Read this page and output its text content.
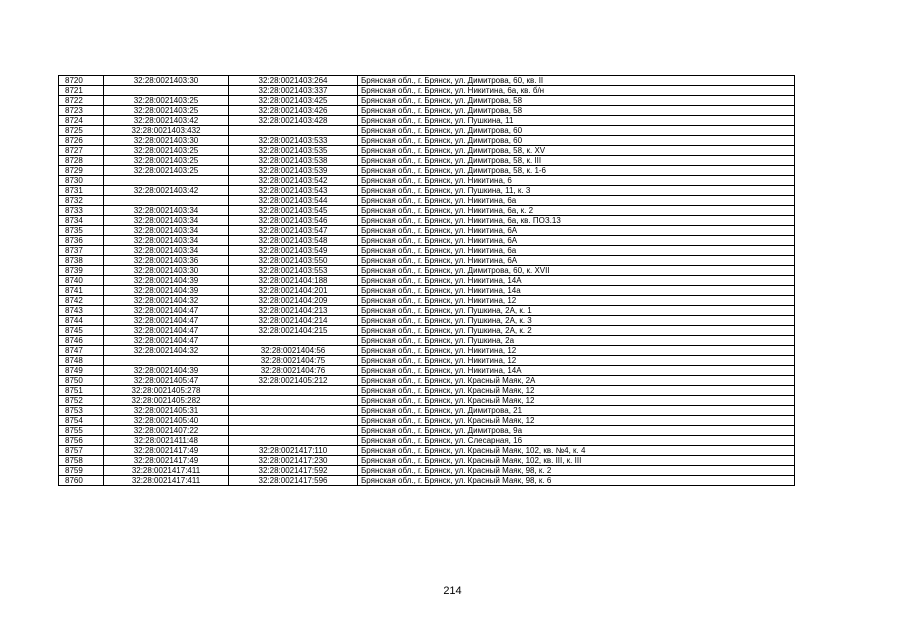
8720	32:28:0021403:30	32:28:0021403:264	Брянская обл., г. Брянск, ул. Димитрова, 60, кв. II
8721		32:28:0021403:337	Брянская обл., г. Брянск, ул. Никитина, 6а, кв. б/н
8722	32:28:0021403:25	32:28:0021403:425	Брянская обл., г. Брянск, ул. Димитрова, 58
8723	32:28:0021403:25	32:28:0021403:426	Брянская обл., г. Брянск, ул. Димитрова, 58
8724	32:28:0021403:42	32:28:0021403:428	Брянская обл., г. Брянск, ул. Пушкина, 11
8725	32:28:0021403:432		Брянская обл., г. Брянск, ул. Димитрова, 60
8726	32:28:0021403:30	32:28:0021403:533	Брянская обл., г. Брянск, ул. Димитрова, 60
8727	32:28:0021403:25	32:28:0021403:535	Брянская обл., г. Брянск, ул. Димитрова, 58, к. XV
8728	32:28:0021403:25	32:28:0021403:538	Брянская обл., г. Брянск, ул. Димитрова, 58, к. III
8729	32:28:0021403:25	32:28:0021403:539	Брянская обл., г. Брянск, ул. Димитрова, 58, к. 1-6
8730		32:28:0021403:542	Брянская обл., г. Брянск, ул. Никитина, 6
8731	32:28:0021403:42	32:28:0021403:543	Брянская обл., г. Брянск, ул. Пушкина, 11, к. 3
8732		32:28:0021403:544	Брянская обл., г. Брянск, ул. Никитина, 6а
8733	32:28:0021403:34	32:28:0021403:545	Брянская обл., г. Брянск, ул. Никитина, 6а, к. 2
8734	32:28:0021403:34	32:28:0021403:546	Брянская обл., г. Брянск, ул. Никитина, 6а, кв. ПОЗ.13
8735	32:28:0021403:34	32:28:0021403:547	Брянская обл., г. Брянск, ул. Никитина, 6А
8736	32:28:0021403:34	32:28:0021403:548	Брянская обл., г. Брянск, ул. Никитина, 6А
8737	32:28:0021403:34	32:28:0021403:549	Брянская обл., г. Брянск, ул. Никитина, 6а
8738	32:28:0021403:36	32:28:0021403:550	Брянская обл., г. Брянск, ул. Никитина, 6А
8739	32:28:0021403:30	32:28:0021403:553	Брянская обл., г. Брянск, ул. Димитрова, 60, к. XVII
8740	32:28:0021404:39	32:28:0021404:188	Брянская обл., г. Брянск, ул. Никитина, 14А
8741	32:28:0021404:39	32:28:0021404:201	Брянская обл., г. Брянск, ул. Никитина, 14а
8742	32:28:0021404:32	32:28:0021404:209	Брянская обл., г. Брянск, ул. Никитина, 12
8743	32:28:0021404:47	32:28:0021404:213	Брянская обл., г. Брянск, ул. Пушкина, 2А, к. 1
8744	32:28:0021404:47	32:28:0021404:214	Брянская обл., г. Брянск, ул. Пушкина, 2А, к. 3
8745	32:28:0021404:47	32:28:0021404:215	Брянская обл., г. Брянск, ул. Пушкина, 2А, к. 2
8746	32:28:0021404:47		Брянская обл., г. Брянск, ул. Пушкина, 2а
8747	32:28:0021404:32	32:28:0021404:56	Брянская обл., г. Брянск, ул. Никитина, 12
8748		32:28:0021404:75	Брянская обл., г. Брянск, ул. Никитина, 12
8749	32:28:0021404:39	32:28:0021404:76	Брянская обл., г. Брянск, ул. Никитина, 14А
8750	32:28:0021405:47	32:28:0021405:212	Брянская обл., г. Брянск, ул. Красный Маяк, 2А
8751	32:28:0021405:278		Брянская обл., г. Брянск, ул. Красный Маяк, 12
8752	32:28:0021405:282		Брянская обл., г. Брянск, ул. Красный Маяк, 12
8753	32:28:0021405:31		Брянская обл., г. Брянск, ул. Димитрова, 21
8754	32:28:0021405:40		Брянская обл., г. Брянск, ул. Красный Маяк, 12
8755	32:28:0021407:22		Брянская обл., г. Брянск, ул. Димитрова, 9а
8756	32:28:0021411:48		Брянская обл., г. Брянск, ул. Слесарная, 16
8757	32:28:0021417:49	32:28:0021417:110	Брянская обл., г. Брянск, ул. Красный Маяк, 102, кв. №4, к. 4
8758	32:28:0021417:49	32:28:0021417:230	Брянская обл., г. Брянск, ул. Красный Маяк, 102, кв. III, к. III
8759	32:28:0021417:411	32:28:0021417:592	Брянская обл., г. Брянск, ул. Красный Маяк, 98, к. 2
8760	32:28:0021417:411	32:28:0021417:596	Брянская обл., г. Брянск, ул. Красный Маяк, 98, к. 6
214
